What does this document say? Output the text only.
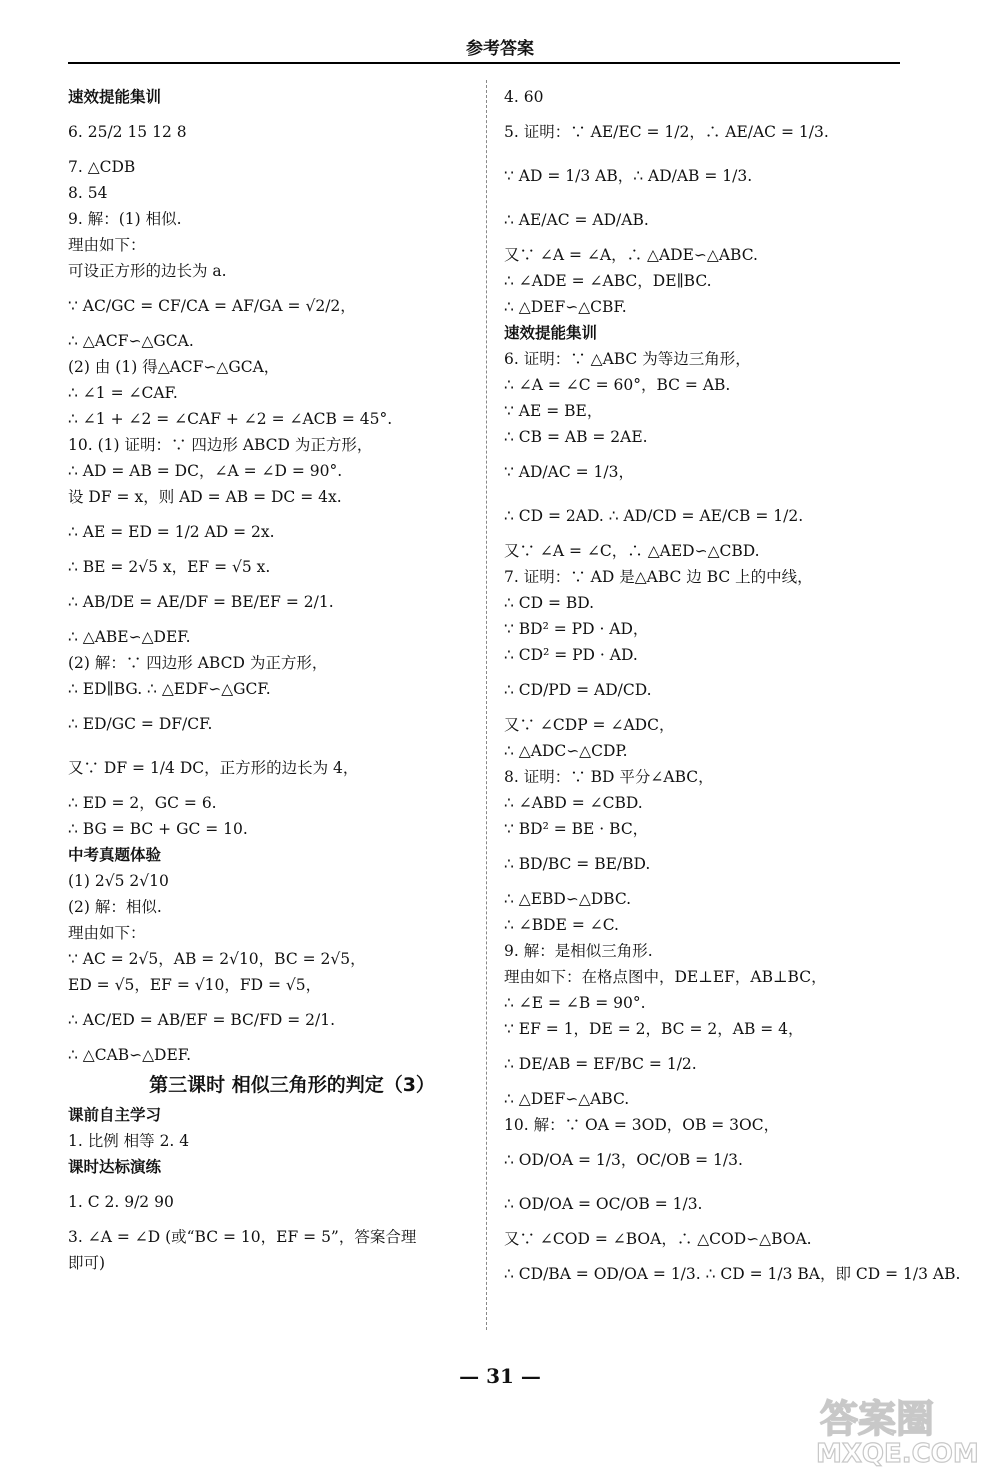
参考答案
速效提能集训
6. 25/2 15 12 8
7. △CDB
8. 54
9. 解：(1) 相似.
理由如下：
可设正方形的边长为 a.
∵ AC/GC = CF/CA = AF/GA = √2/2，
∴ △ACF∽△GCA.
(2) 由 (1) 得△ACF∽△GCA，
∴ ∠1 = ∠CAF.
∴ ∠1 + ∠2 = ∠CAF + ∠2 = ∠ACB = 45°.
10. (1) 证明：∵ 四边形 ABCD 为正方形，
∴ AD = AB = DC，∠A = ∠D = 90°.
设 DF = x，则 AD = AB = DC = 4x.
∴ AE = ED = 1/2 AD = 2x.
∴ BE = 2√5 x，EF = √5 x.
∴ AB/DE = AE/DF = BE/EF = 2/1.
∴ △ABE∽△DEF.
(2) 解：∵ 四边形 ABCD 为正方形，
∴ ED∥BG. ∴ △EDF∽△GCF.
∴ ED/GC = DF/CF.
又∵ DF = 1/4 DC，正方形的边长为 4，
∴ ED = 2，GC = 6.
∴ BG = BC + GC = 10.
中考真题体验
(1) 2√5 2√10
(2) 解：相似.
理由如下：
∵ AC = 2√5，AB = 2√10，BC = 2√5，
ED = √5，EF = √10，FD = √5，
∴ AC/ED = AB/EF = BC/FD = 2/1.
∴ △CAB∽△DEF.
第三课时 相似三角形的判定（3）
课前自主学习
1. 比例 相等 2. 4
课时达标演练
1. C 2. 9/2 90
3. ∠A = ∠D (或“BC = 10，EF = 5”，答案合理
即可)
4. 60
5. 证明：∵ AE/EC = 1/2，∴ AE/AC = 1/3.
∵ AD = 1/3 AB，∴ AD/AB = 1/3.
∴ AE/AC = AD/AB.
又∵ ∠A = ∠A，∴ △ADE∽△ABC.
∴ ∠ADE = ∠ABC，DE∥BC.
∴ △DEF∽△CBF.
速效提能集训
6. 证明：∵ △ABC 为等边三角形，
∴ ∠A = ∠C = 60°，BC = AB.
∵ AE = BE，
∴ CB = AB = 2AE.
∵ AD/AC = 1/3，
∴ CD = 2AD. ∴ AD/CD = AE/CB = 1/2.
又∵ ∠A = ∠C，∴ △AED∽△CBD.
7. 证明：∵ AD 是△ABC 边 BC 上的中线，
∴ CD = BD.
∵ BD² = PD · AD，
∴ CD² = PD · AD.
∴ CD/PD = AD/CD.
又∵ ∠CDP = ∠ADC，
∴ △ADC∽△CDP.
8. 证明：∵ BD 平分∠ABC，
∴ ∠ABD = ∠CBD.
∵ BD² = BE · BC，
∴ BD/BC = BE/BD.
∴ △EBD∽△DBC.
∴ ∠BDE = ∠C.
9. 解：是相似三角形.
理由如下：在格点图中，DE⊥EF，AB⊥BC，
∴ ∠E = ∠B = 90°.
∵ EF = 1，DE = 2，BC = 2，AB = 4，
∴ DE/AB = EF/BC = 1/2.
∴ △DEF∽△ABC.
10. 解：∵ OA = 3OD，OB = 3OC，
∴ OD/OA = 1/3，OC/OB = 1/3.
∴ OD/OA = OC/OB = 1/3.
又∵ ∠COD = ∠BOA，∴ △COD∽△BOA.
∴ CD/BA = OD/OA = 1/3. ∴ CD = 1/3 BA，即 CD = 1/3 AB.
— 31 —
答案圈
MXQE.COM
